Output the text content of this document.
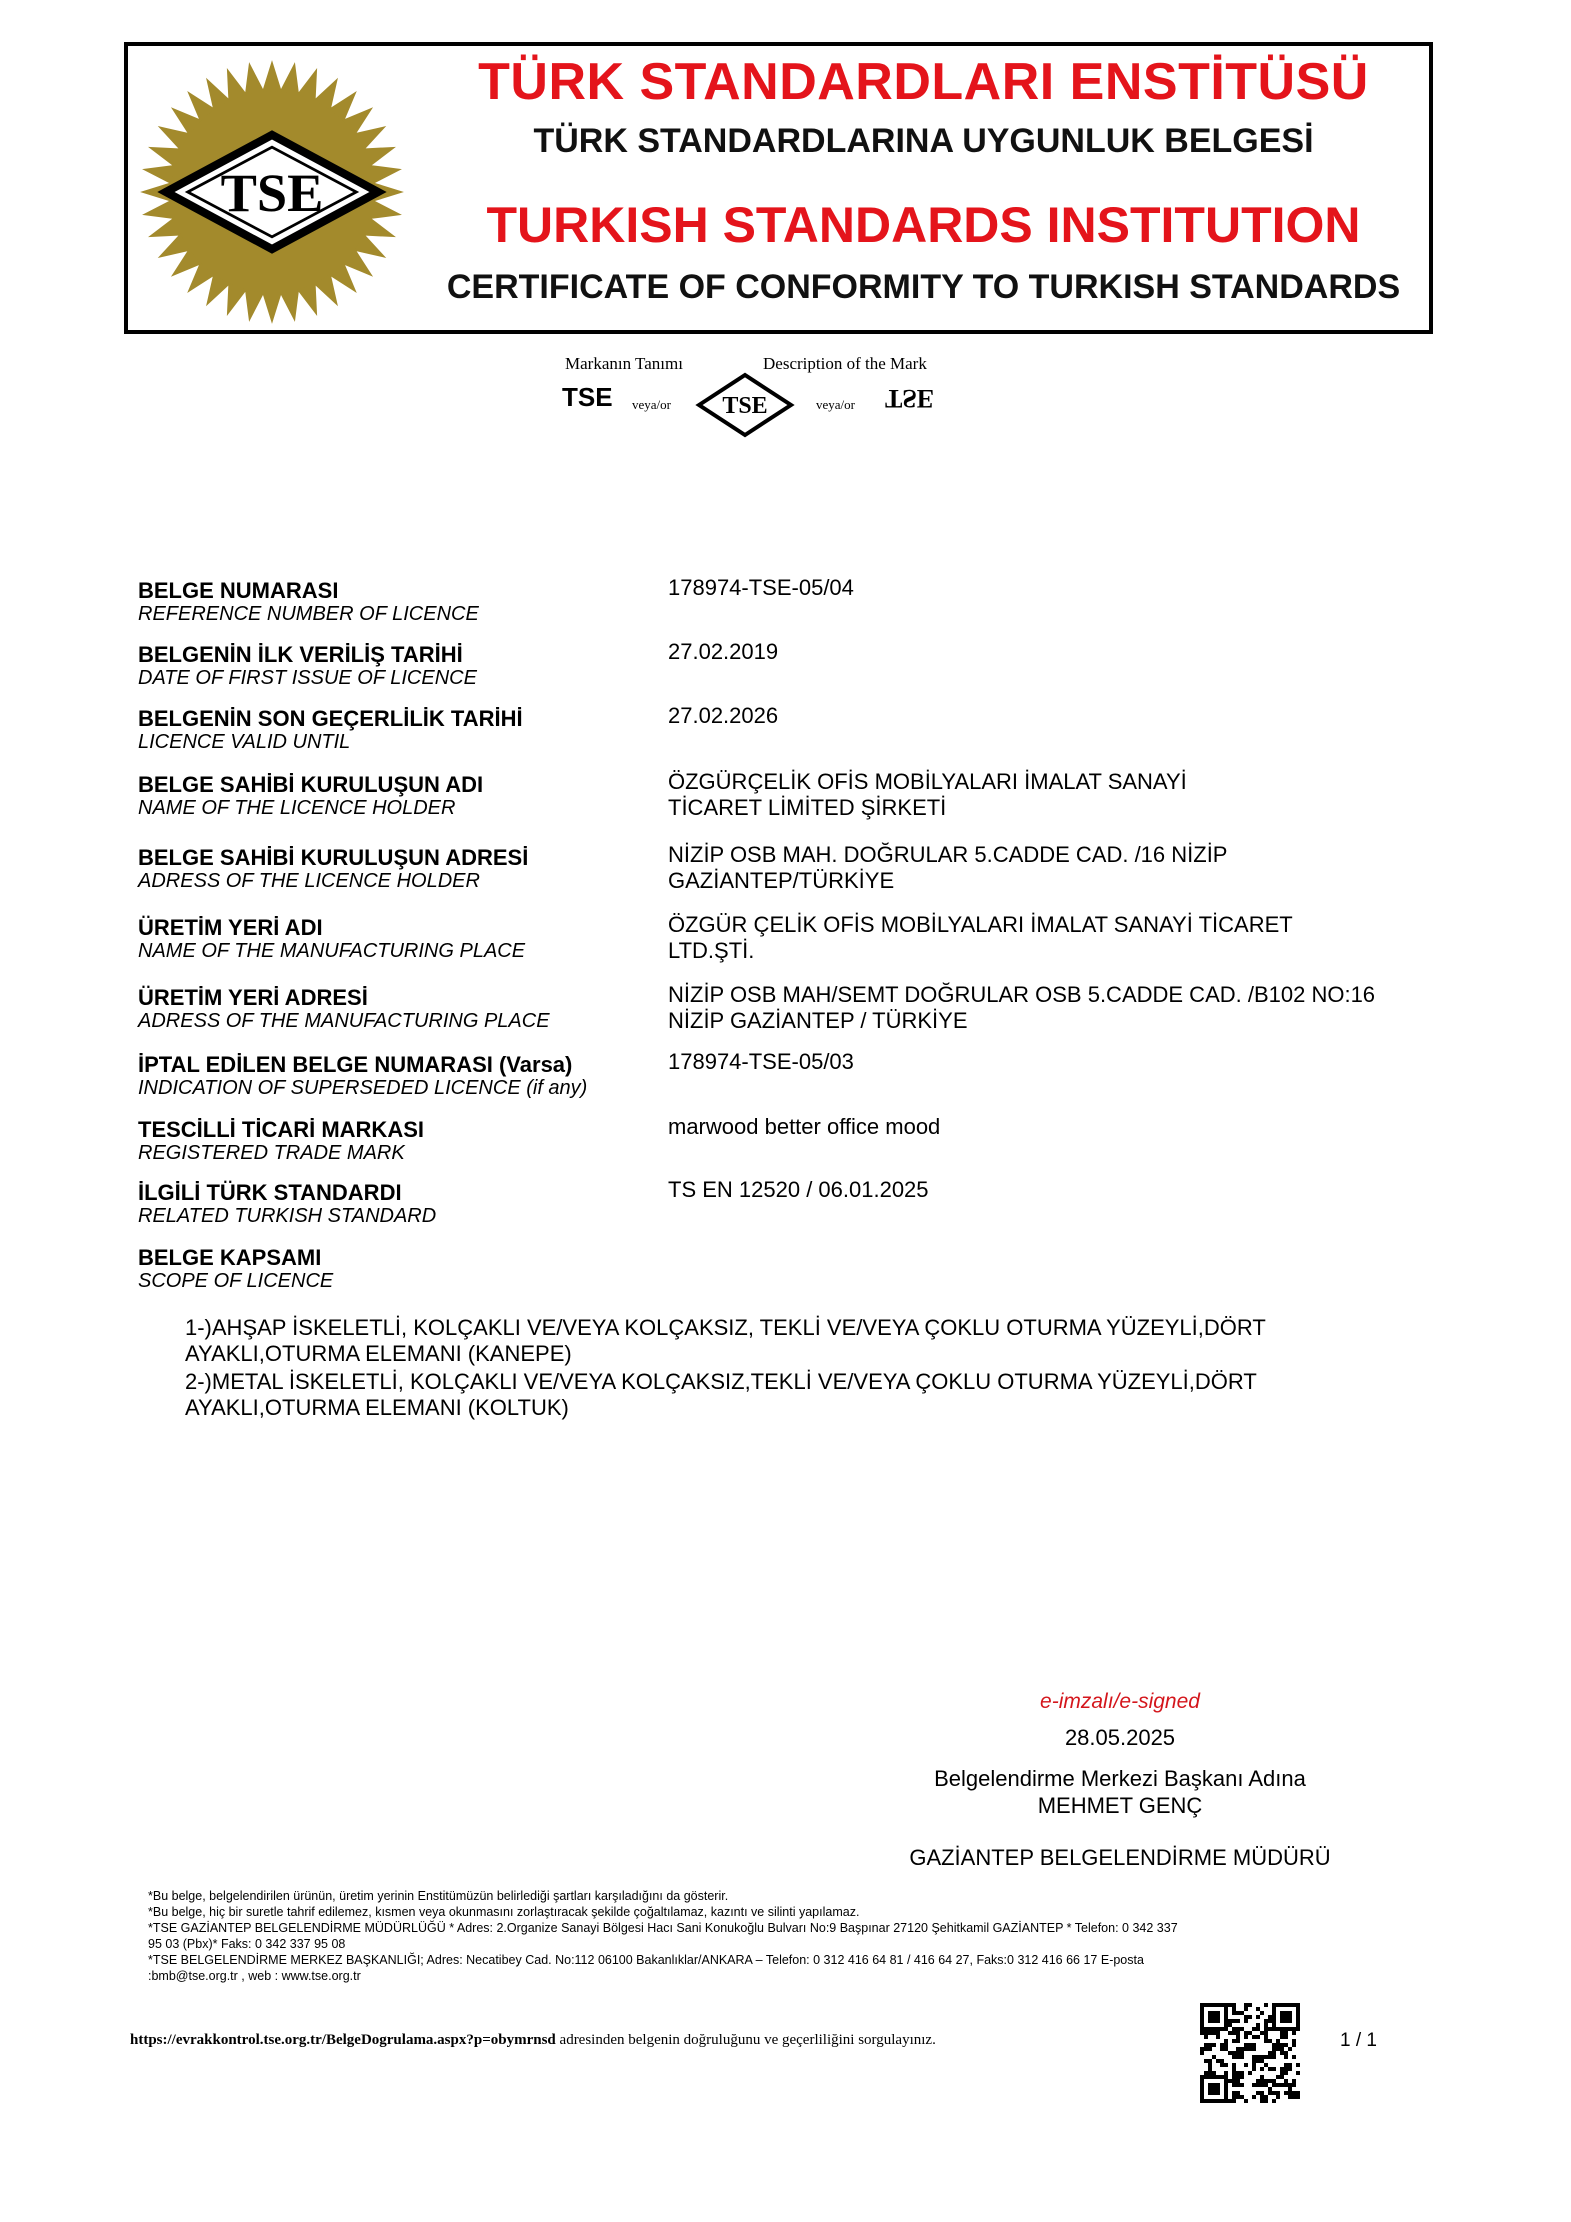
TSE
TÜRK STANDARDLARI ENSTİTÜSÜ
TÜRK STANDARDLARINA UYGUNLUK BELGESİ
TURKISH STANDARDS INSTITUTION
CERTIFICATE OF CONFORMITY TO TURKISH STANDARDS
Markanın Tanımı	Description of the Mark
TSE veya/or TSE	veya/or TSE
BELGE NUMARASI
REFERENCE NUMBER OF LICENCE
178974-TSE-05/04
BELGENİN İLK VERİLİŞ TARİHİ
DATE OF FIRST ISSUE OF LICENCE
27.02.2019
BELGENİN SON GEÇERLİLİK TARİHİ
LICENCE VALID UNTIL
27.02.2026
BELGE SAHİBİ KURULUŞUN ADI
NAME OF THE LICENCE HOLDER
ÖZGÜRÇELİK OFİS MOBİLYALARI İMALAT SANAYİ
TİCARET LİMİTED ŞİRKETİ
BELGE SAHİBİ KURULUŞUN ADRESİ
ADRESS OF THE LICENCE HOLDER
NİZİP OSB MAH. DOĞRULAR 5.CADDE CAD. /16 NİZİP
GAZİANTEP/TÜRKİYE
ÜRETİM YERİ ADI
NAME OF THE MANUFACTURING PLACE
ÖZGÜR ÇELİK OFİS MOBİLYALARI İMALAT SANAYİ TİCARET
LTD.ŞTİ.
ÜRETİM YERİ ADRESİ
ADRESS OF THE MANUFACTURING PLACE
NİZİP OSB MAH/SEMT DOĞRULAR OSB 5.CADDE CAD. /B102 NO:16
NİZİP GAZİANTEP / TÜRKİYE
İPTAL EDİLEN BELGE NUMARASI (Varsa)
INDICATION OF SUPERSEDED LICENCE (if any)
178974-TSE-05/03
TESCİLLİ TİCARİ MARKASI
REGISTERED TRADE MARK
marwood better office mood
İLGİLİ TÜRK STANDARDI
RELATED TURKISH STANDARD
TS EN 12520 / 06.01.2025
BELGE KAPSAMI
SCOPE OF LICENCE
1-)AHŞAP İSKELETLİ, KOLÇAKLI VE/VEYA KOLÇAKSIZ, TEKLİ VE/VEYA ÇOKLU OTURMA YÜZEYLİ,DÖRT
AYAKLI,OTURMA ELEMANI (KANEPE)
2-)METAL İSKELETLİ, KOLÇAKLI VE/VEYA KOLÇAKSIZ,TEKLİ VE/VEYA ÇOKLU OTURMA YÜZEYLİ,DÖRT
AYAKLI,OTURMA ELEMANI (KOLTUK)
e-imzalı/e-signed
28.05.2025
Belgelendirme Merkezi Başkanı Adına
MEHMET GENÇ
GAZİANTEP BELGELENDİRME MÜDÜRÜ
*Bu belge, belgelendirilen ürünün, üretim yerinin Enstitümüzün belirlediği şartları karşıladığını da gösterir.
*Bu belge, hiç bir suretle tahrif edilemez, kısmen veya okunmasını zorlaştıracak şekilde çoğaltılamaz, kazıntı ve silinti yapılamaz.
*TSE GAZİANTEP BELGELENDİRME MÜDÜRLÜĞÜ * Adres: 2.Organize Sanayi Bölgesi Hacı Sani Konukoğlu Bulvarı No:9 Başpınar 27120 Şehitkamil GAZİANTEP * Telefon: 0 342 337
95 03 (Pbx)* Faks: 0 342 337 95 08
*TSE BELGELENDİRME MERKEZ BAŞKANLIĞI; Adres: Necatibey Cad. No:112 06100 Bakanlıklar/ANKARA – Telefon: 0 312 416 64 81 / 416 64 27, Faks:0 312 416 66 17 E-posta
:bmb@tse.org.tr , web : www.tse.org.tr
https://evrakkontrol.tse.org.tr/BelgeDogrulama.aspx?p=obymrnsd adresinden belgenin doğruluğunu ve geçerliliğini sorgulayınız.	1 / 1
